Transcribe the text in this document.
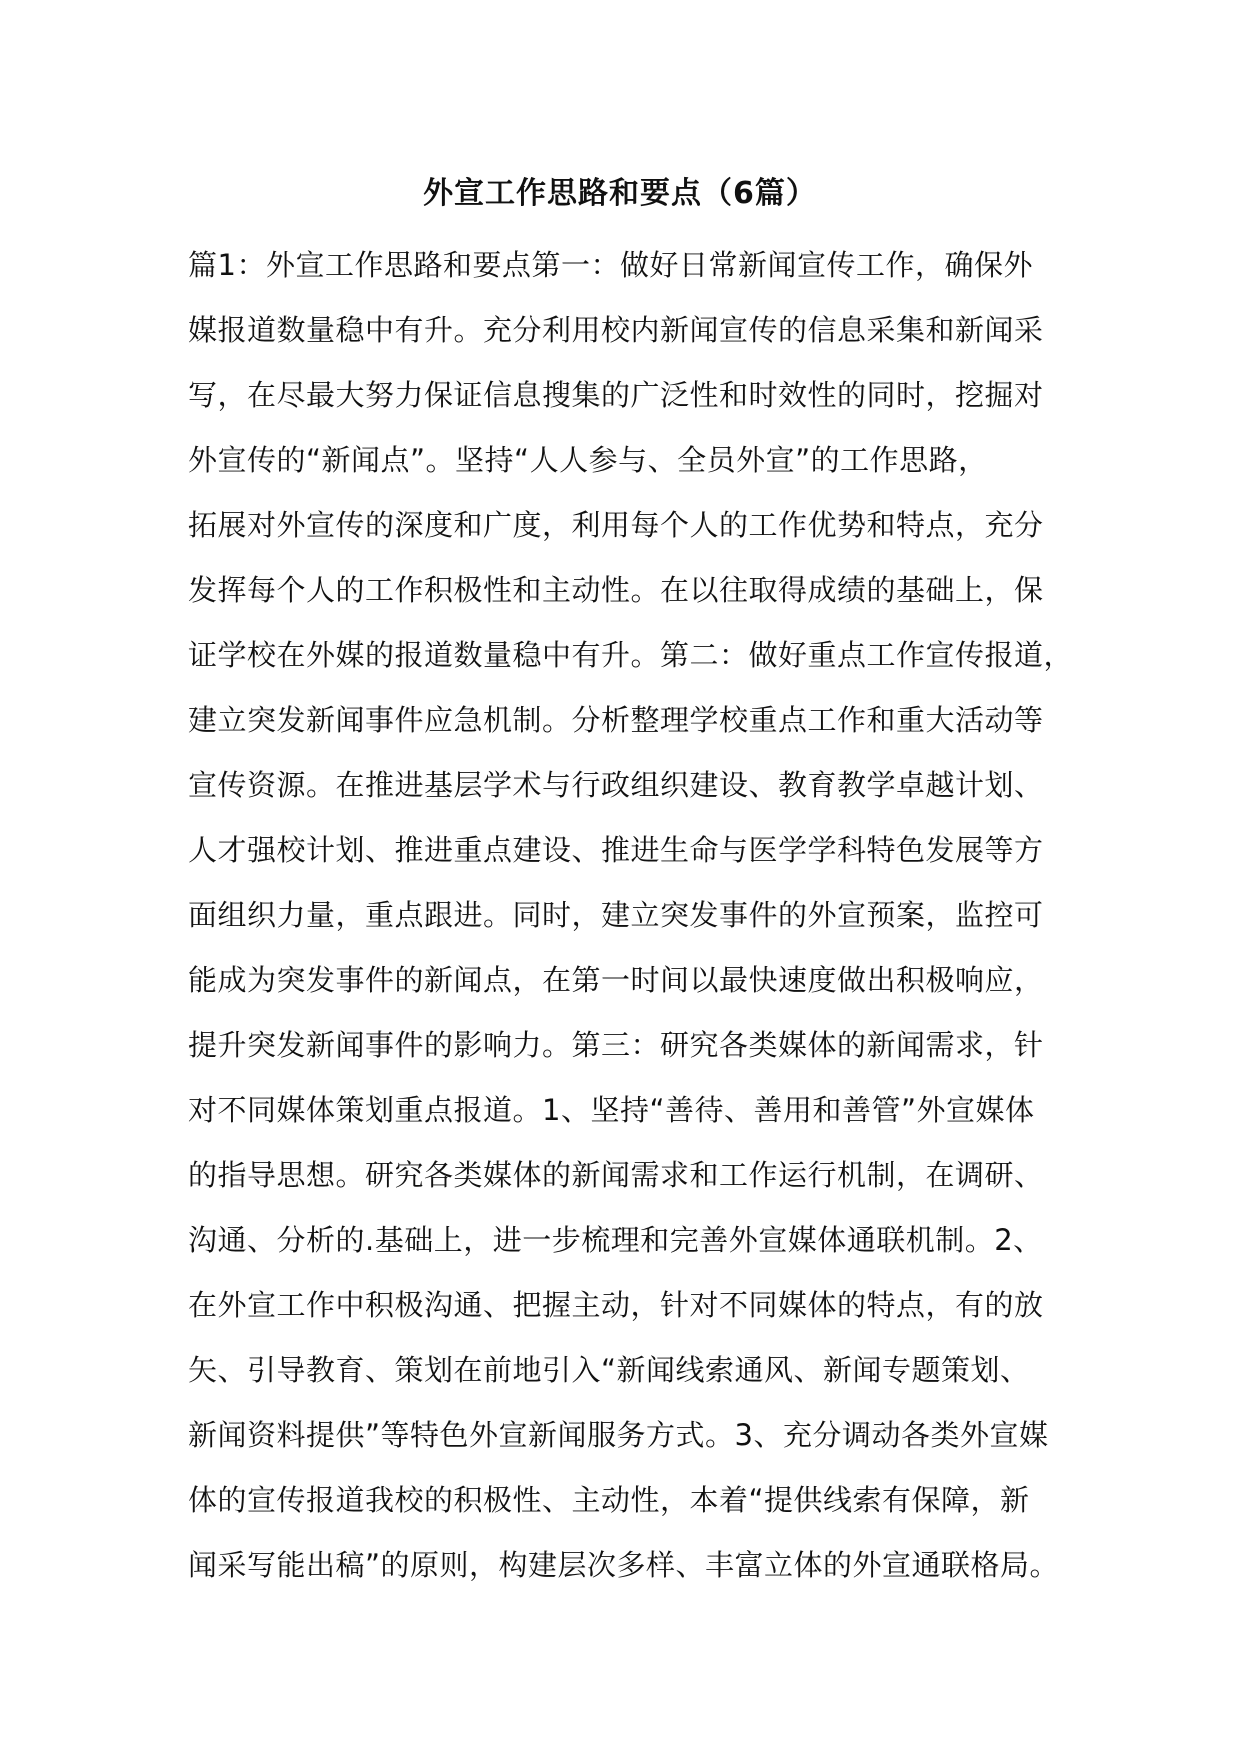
外宣工作思路和要点（6篇）
篇1：外宣工作思路和要点第一：做好日常新闻宣传工作，确保外
媒报道数量稳中有升。充分利用校内新闻宣传的信息采集和新闻采
写，在尽最大努力保证信息搜集的广泛性和时效性的同时，挖掘对
外宣传的“新闻点”。坚持“人人参与、全员外宣”的工作思路，
拓展对外宣传的深度和广度，利用每个人的工作优势和特点，充分
发挥每个人的工作积极性和主动性。在以往取得成绩的基础上，保
证学校在外媒的报道数量稳中有升。第二：做好重点工作宣传报道，
建立突发新闻事件应急机制。分析整理学校重点工作和重大活动等
宣传资源。在推进基层学术与行政组织建设、教育教学卓越计划、
人才强校计划、推进重点建设、推进生命与医学学科特色发展等方
面组织力量，重点跟进。同时，建立突发事件的外宣预案，监控可
能成为突发事件的新闻点，在第一时间以最快速度做出积极响应，
提升突发新闻事件的影响力。第三：研究各类媒体的新闻需求，针
对不同媒体策划重点报道。1、坚持“善待、善用和善管”外宣媒体
的指导思想。研究各类媒体的新闻需求和工作运行机制，在调研、
沟通、分析的.基础上，进一步梳理和完善外宣媒体通联机制。2、
在外宣工作中积极沟通、把握主动，针对不同媒体的特点，有的放
矢、引导教育、策划在前地引入“新闻线索通风、新闻专题策划、
新闻资料提供”等特色外宣新闻服务方式。3、充分调动各类外宣媒
体的宣传报道我校的积极性、主动性，本着“提供线索有保障，新
闻采写能出稿”的原则，构建层次多样、丰富立体的外宣通联格局。
